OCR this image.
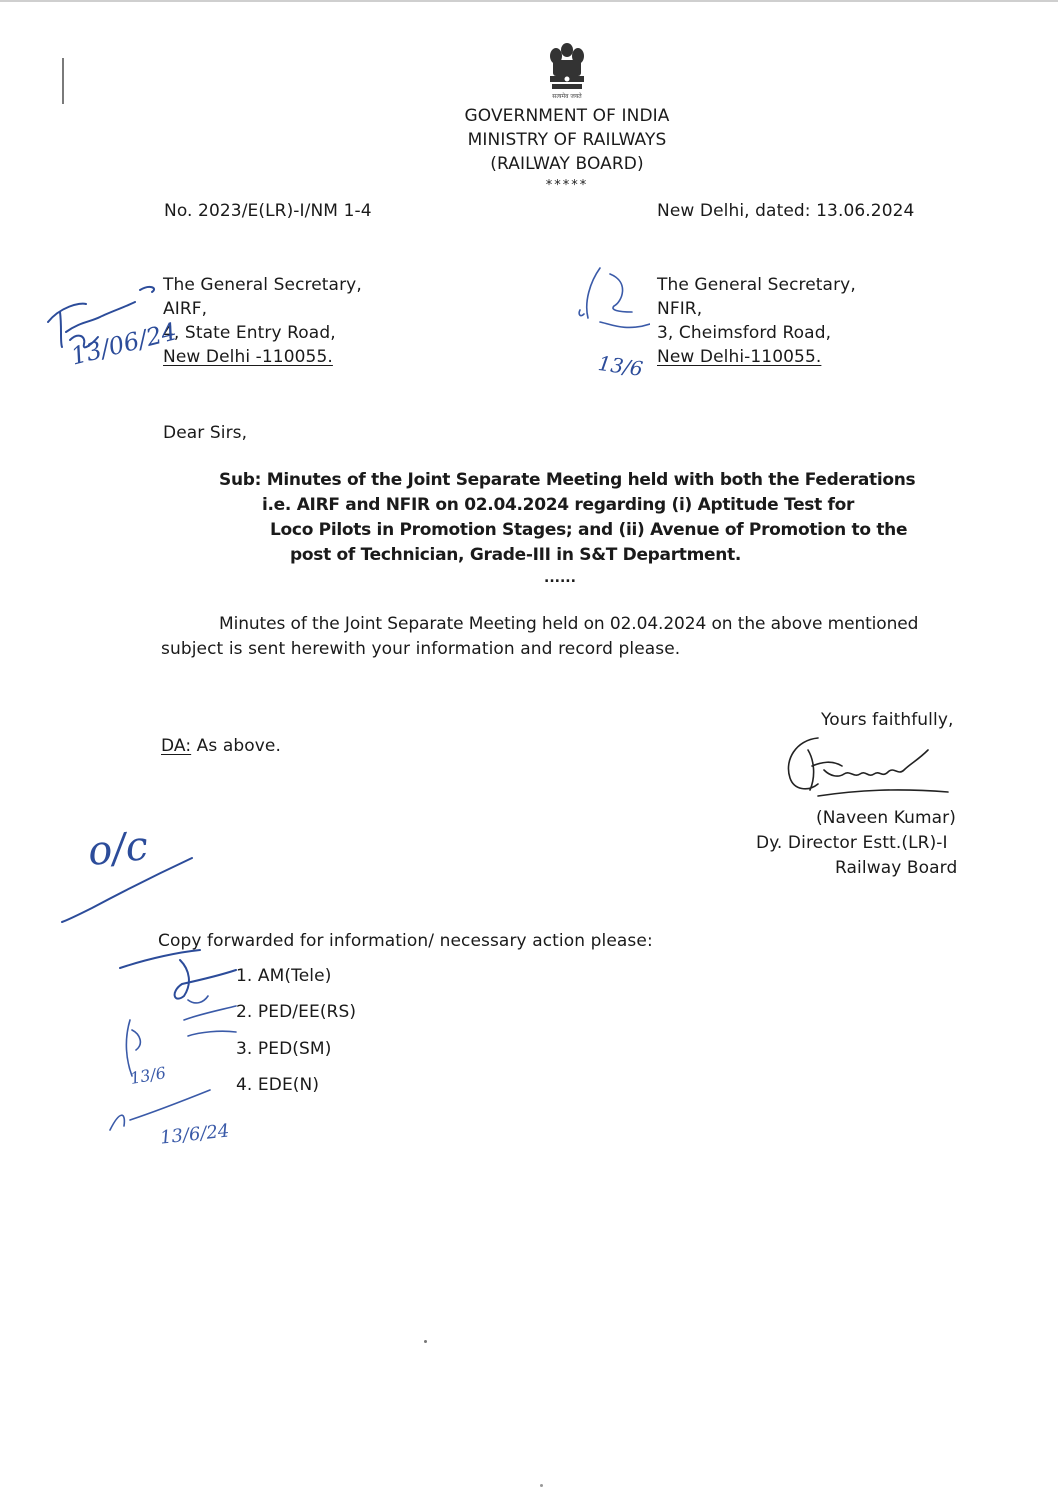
सत्यमेव जयते
GOVERNMENT OF INDIA
MINISTRY OF RAILWAYS
(RAILWAY BOARD)
*****
No. 2023/E(LR)-I/NM 1-4	New Delhi, dated: 13.06.2024
The General Secretary,
AIRF,
4, State Entry Road,
New Delhi -110055.
The General Secretary,
NFIR,
3, Cheimsford Road,
New Delhi-110055.
13/06/24	13/6
Dear Sirs,
Sub: Minutes of the Joint Separate Meeting held with both the Federations
i.e. AIRF and NFIR on 02.04.2024 regarding (i) Aptitude Test for
Loco Pilots in Promotion Stages; and (ii) Avenue of Promotion to the
post of Technician, Grade-III in S&T Department.
......
Minutes of the Joint Separate Meeting held on 02.04.2024 on the above mentioned
subject is sent herewith your information and record please.
Yours faithfully,
DA: As above.
(Naveen Kumar)
Dy. Director Estt.(LR)-I
Railway Board
o/c
Copy forwarded for information/ necessary action please:
1. AM(Tele)
2. PED/EE(RS)
3. PED(SM)
4. EDE(N)
13/6
13/6/24
